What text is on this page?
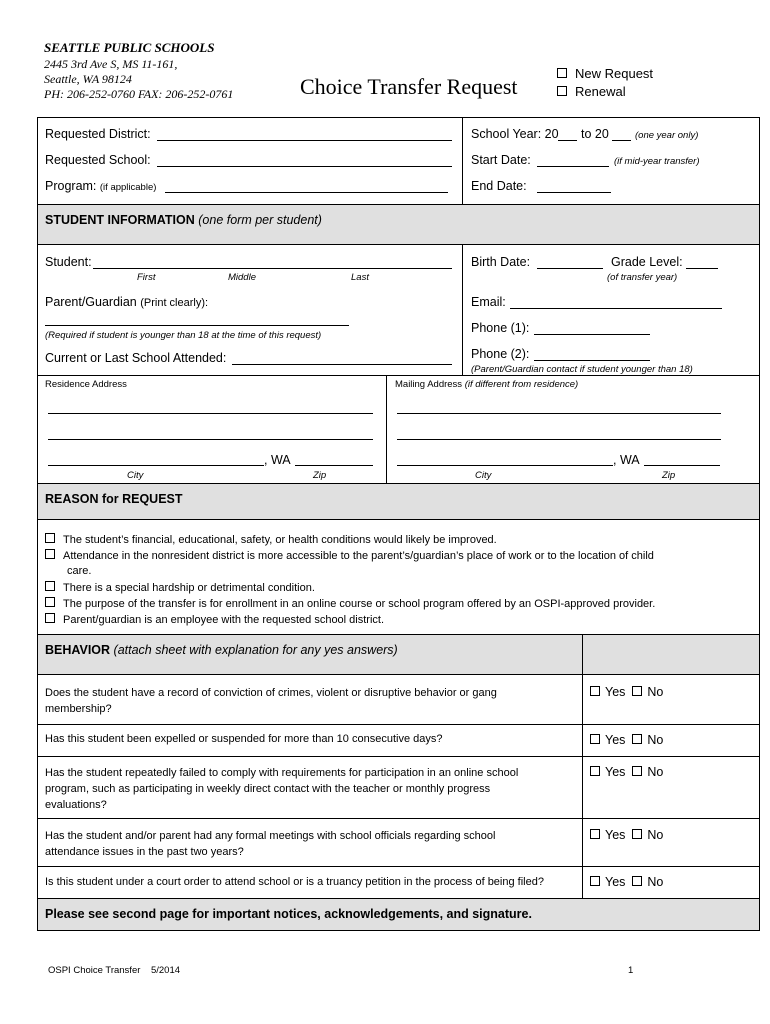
SEATTLE PUBLIC SCHOOLS
2445 3rd Ave S, MS 11-161,
Seattle, WA 98124
PH: 206-252-0760 FAX: 206-252-0761	Choice Transfer Request
New Request
Renewal
Requested District:
Requested School:
Program: (if applicable)
School Year: 20 to 20	(one year only)
Start Date:	(if mid-year transfer)
End Date:
STUDENT INFORMATION (one form per student)
Student:
First	Middle	Last
Birth Date:	Grade Level:
(of transfer year)
Parent/Guardian (Print clearly):
(Required if student is younger than 18 at the time of this request)
Email:
Phone (1):
Phone (2):
(Parent/Guardian contact if student younger than 18)
Current or Last School Attended:
Residence Address	Mailing Address (if different from residence)
, WA
City	Zip
, WA
City	Zip
REASON for REQUEST
The student’s financial, educational, safety, or health conditions would likely be improved.
Attendance in the nonresident district is more accessible to the parent’s/guardian’s place of work or to the location of child
care.
There is a special hardship or detrimental condition.
The purpose of the transfer is for enrollment in an online course or school program offered by an OSPI-approved provider.
Parent/guardian is an employee with the requested school district.
BEHAVIOR (attach sheet with explanation for any yes answers)
Does the student have a record of conviction of crimes, violent or disruptive behavior or gang
membership?
Yes No
Has this student been expelled or suspended for more than 10 consecutive days?	Yes No
Has the student repeatedly failed to comply with requirements for participation in an online school
program, such as participating in weekly direct contact with the teacher or monthly progress
evaluations?
Yes No
Has the student and/or parent had any formal meetings with school officials regarding school
attendance issues in the past two years?
Yes No
Is this student under a court order to attend school or is a truancy petition in the process of being filed?	Yes No
Please see second page for important notices, acknowledgements, and signature.
OSPI Choice Transfer    5/2014	1
